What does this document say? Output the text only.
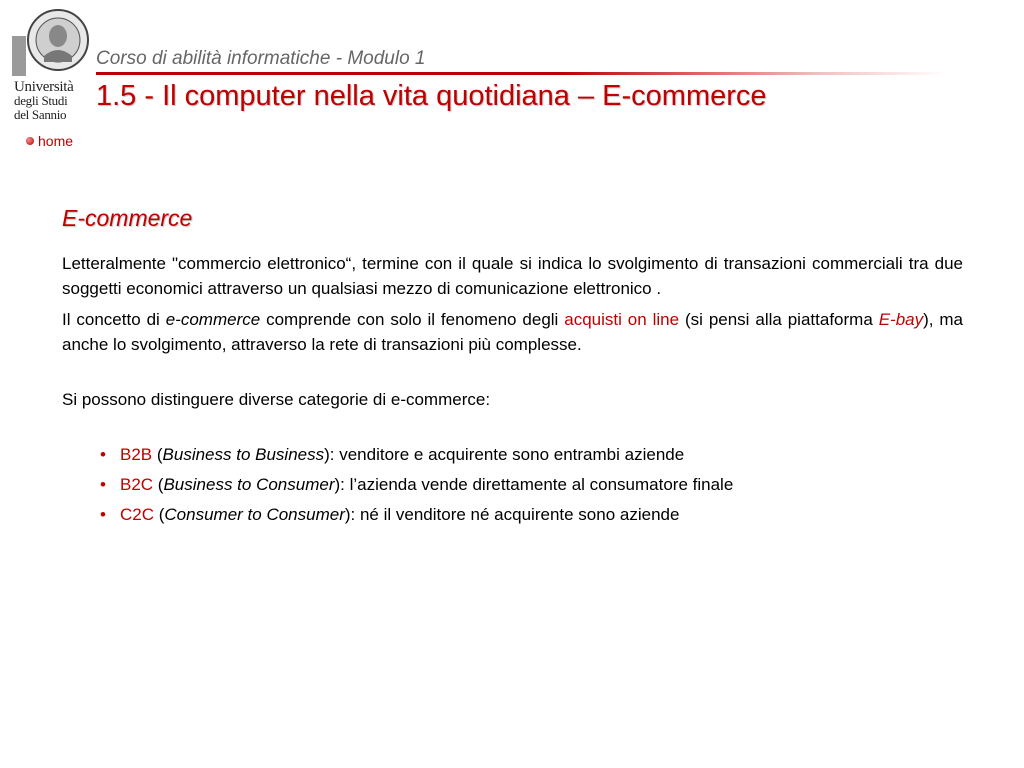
Università
degli Studi
del Sannio
home
Corso di abilità informatiche - Modulo 1
1.5 - Il computer nella vita quotidiana – E-commerce
E-commerce

Letteralmente "commercio elettronico“, termine con il quale si indica lo svolgimento di transazioni commerciali tra due soggetti economici attraverso un qualsiasi mezzo di comunicazione elettronico .

Il concetto di e-commerce comprende con solo il fenomeno degli acquisti on line (si pensi alla piattaforma E-bay), ma anche lo svolgimento, attraverso la rete di transazioni più complesse.

Si possono distinguere diverse categorie di e-commerce:

• B2B (Business to Business): venditore e acquirente sono entrambi aziende
• B2C (Business to Consumer): l’azienda vende direttamente al consumatore finale
• C2C (Consumer to Consumer): né il venditore né acquirente sono aziende
